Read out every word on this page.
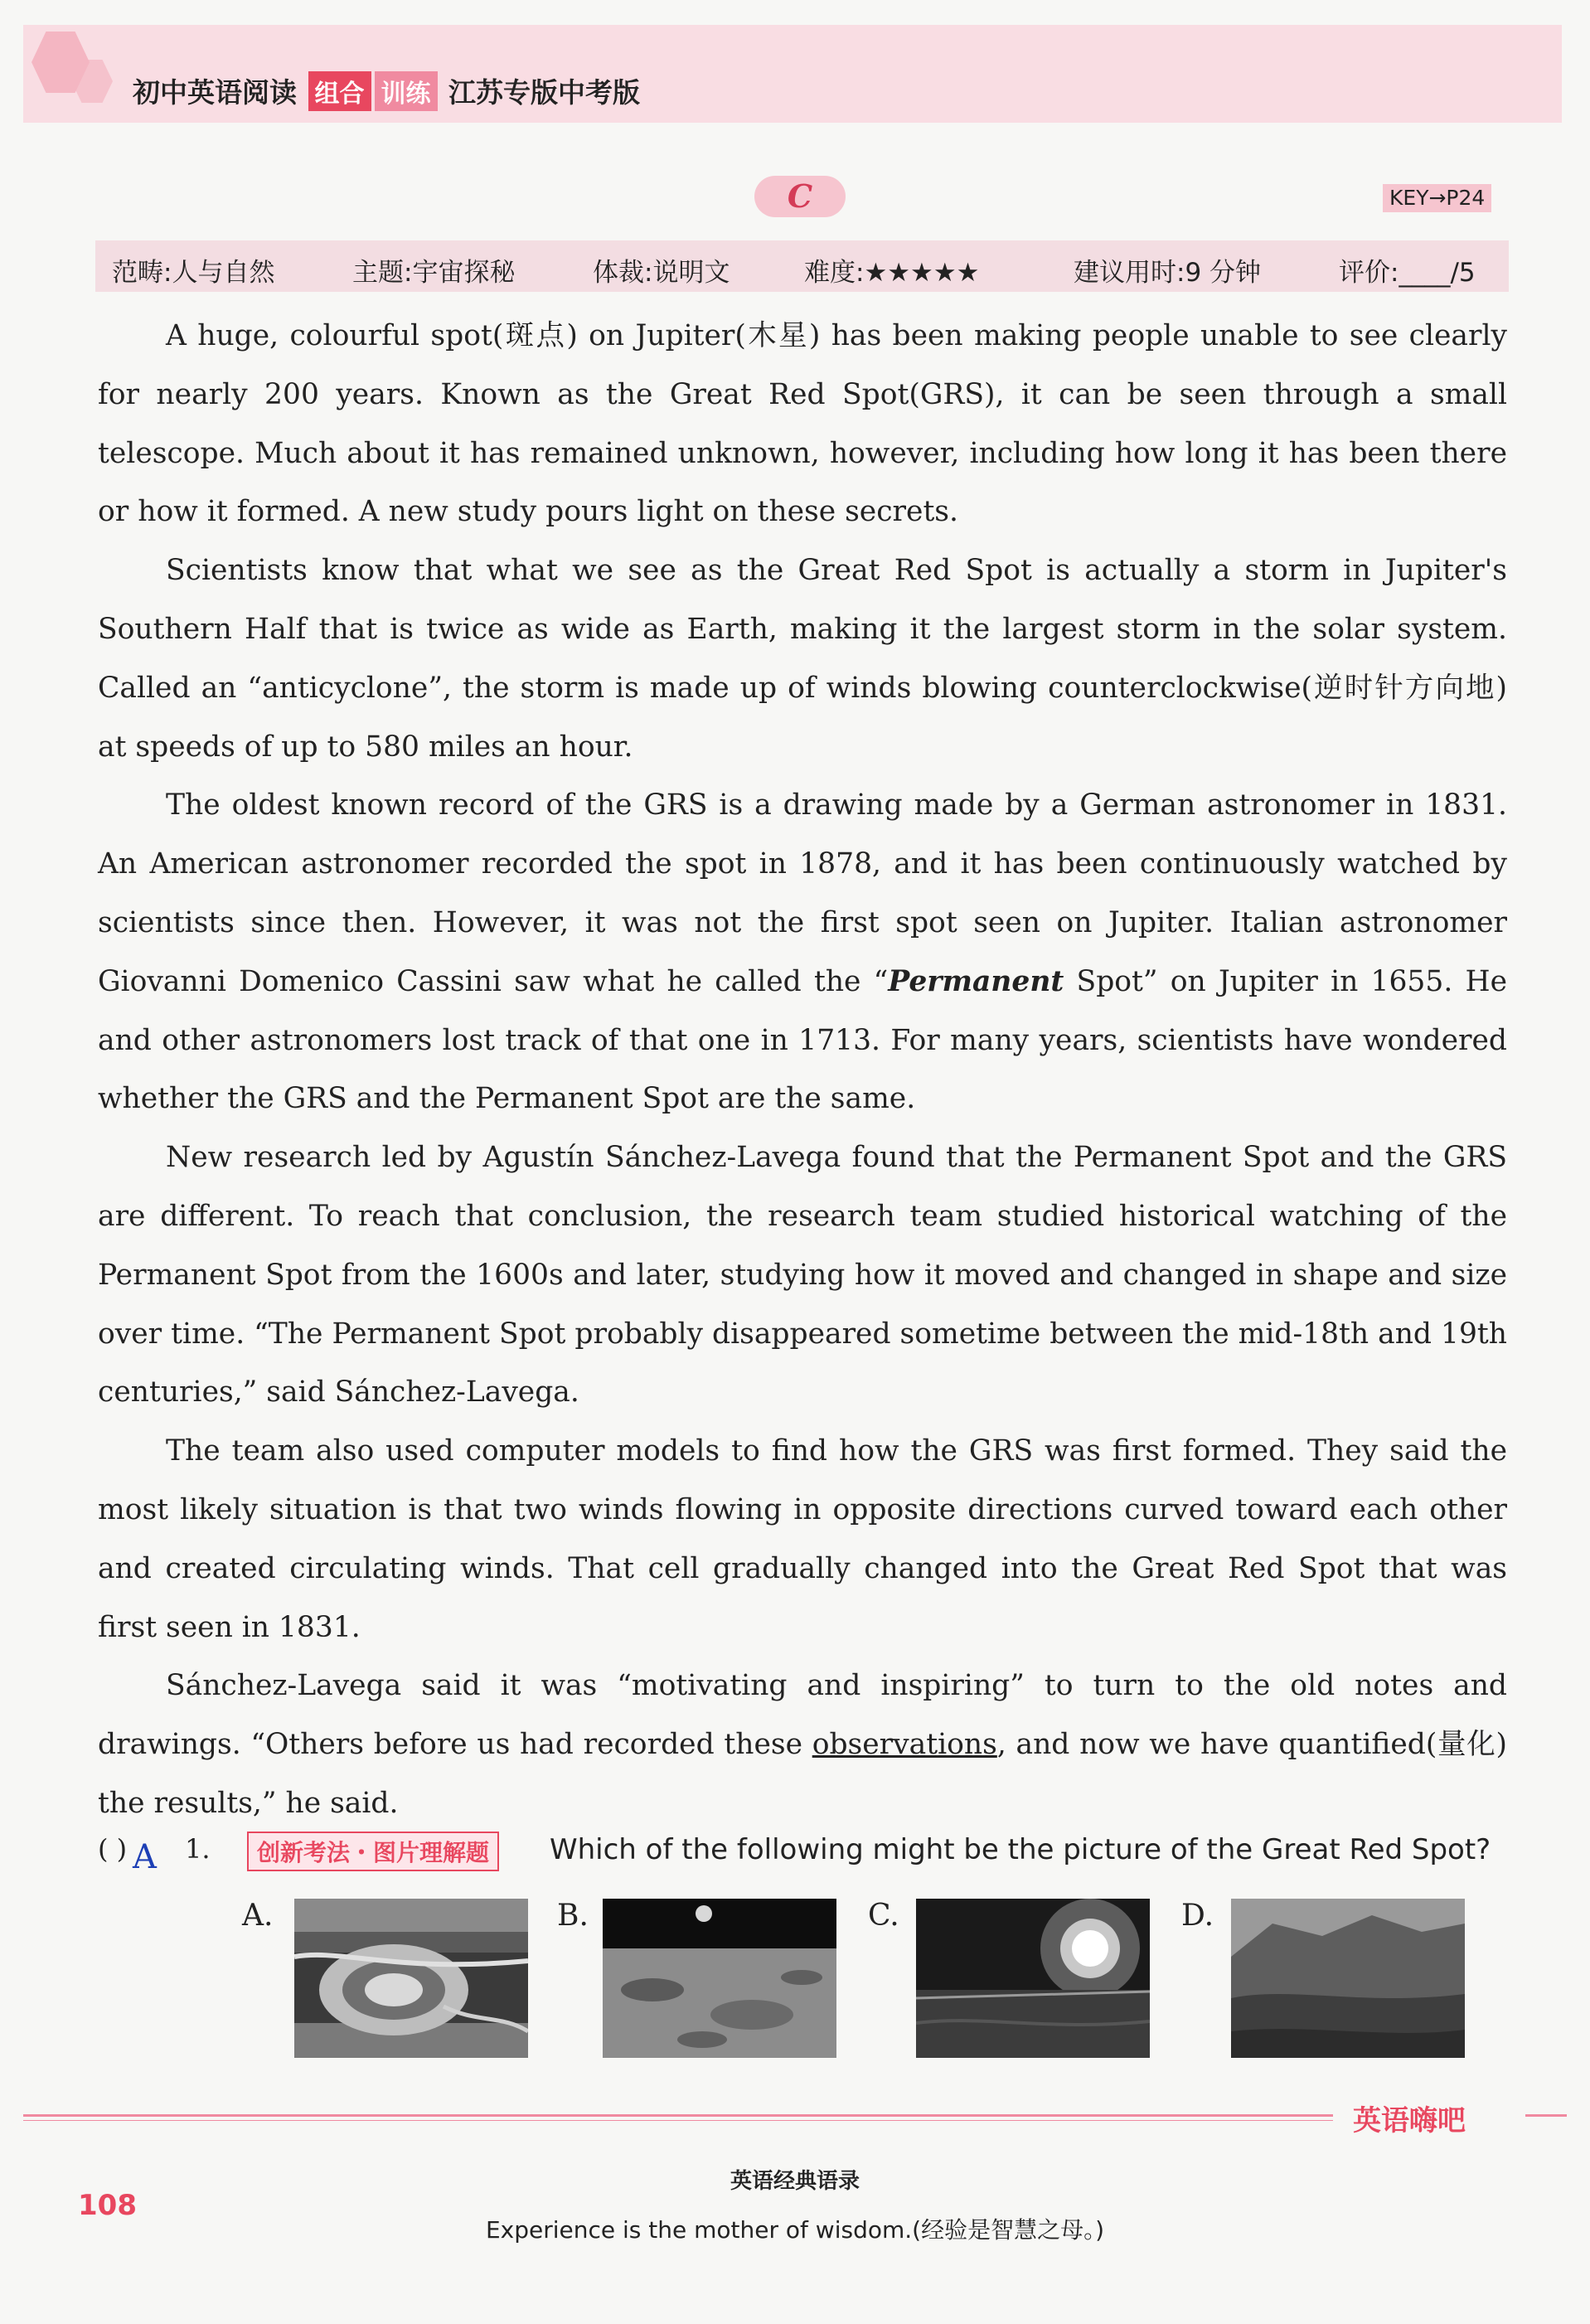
初中英语阅读 组合 训练 江苏专版中考版
C	KEY→P24
范畴:人与自然	主题:宇宙探秘	体裁:说明文	难度:★★★★★	建议用时:9 分钟	评价:____/5

A huge, colourful spot(斑点) on Jupiter(木星) has been making people unable to see clearly for nearly 200 years. Known as the Great Red Spot(GRS), it can be seen through a small telescope. Much about it has remained unknown, however, including how long it has been there or how it formed. A new study pours light on these secrets.

Scientists know that what we see as the Great Red Spot is actually a storm in Jupiter's Southern Half that is twice as wide as Earth, making it the largest storm in the solar system. Called an “anticyclone”, the storm is made up of winds blowing counterclockwise(逆时针方向地) at speeds of up to 580 miles an hour.

The oldest known record of the GRS is a drawing made by a German astronomer in 1831. An American astronomer recorded the spot in 1878, and it has been continuously watched by scientists since then. However, it was not the first spot seen on Jupiter. Italian astronomer Giovanni Domenico Cassini saw what he called the “Permanent Spot” on Jupiter in 1655. He and other astronomers lost track of that one in 1713. For many years, scientists have wondered whether the GRS and the Permanent Spot are the same.

New research led by Agustín Sánchez-Lavega found that the Permanent Spot and the GRS are different. To reach that conclusion, the research team studied historical watching of the Permanent Spot from the 1600s and later, studying how it moved and changed in shape and size over time. “The Permanent Spot probably disappeared sometime between the mid-18th and 19th centuries,” said Sánchez-Lavega.

The team also used computer models to find how the GRS was first formed. They said the most likely situation is that two winds flowing in opposite directions curved toward each other and created circulating winds. That cell gradually changed into the Great Red Spot that was first seen in 1831.

Sánchez-Lavega said it was “motivating and inspiring” to turn to the old notes and drawings. “Others before us had recorded these observations, and now we have quantified(量化) the results,” he said.

( ) A 1.	创新考法・图片理解题	Which of the following might be the picture of the Great Red Spot?
A.	B.	C.	D.
英语嗨吧
108
英语经典语录
Experience is the mother of wisdom.(经验是智慧之母。)
